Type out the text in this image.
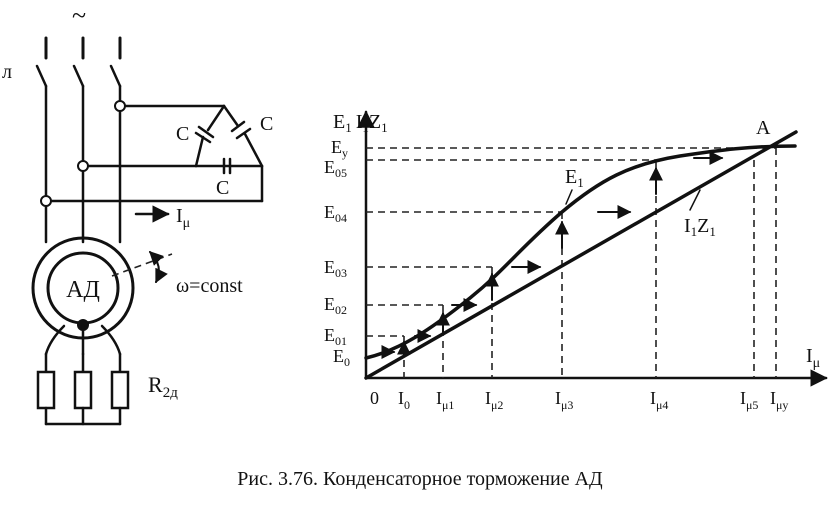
~
л
C	C
C
$I_\mu$
АД	ω=const
$R_{2д}$
$E_1$ $I_1Z_1$
$I_\mu$
A
$E_1$
$I_1Z_1$
$E_y$
$E_{05}$
$E_{04}$
$E_{03}$
$E_{02}$
$E_{01}$
$E_0$
0 $I_0$ $I_{\mu 1}$ $I_{\mu 2}$	$I_{\mu 3}$	$I_{\mu 4}$	$I_{\mu 5}$ $I_{\mu y}$
Рис. 3.76. Конденсаторное торможение АД
